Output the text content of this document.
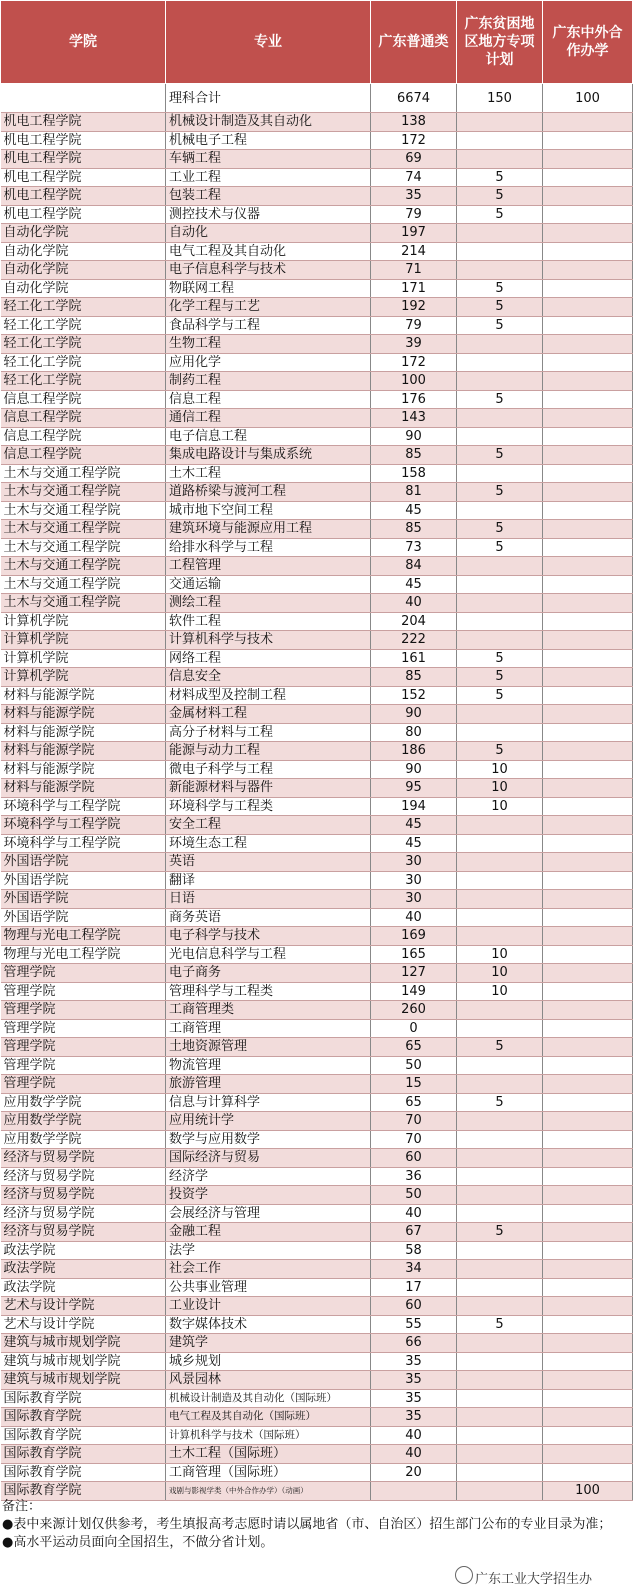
学院	专业	广东普通类	广东贫困地区地方专项计划	广东中外合作办学
	理科合计	6674	150	100
机电工程学院	机械设计制造及其自动化	138		
机电工程学院	机械电子工程	172		
机电工程学院	车辆工程	69		
机电工程学院	工业工程	74	5	
机电工程学院	包装工程	35	5	
机电工程学院	测控技术与仪器	79	5	
自动化学院	自动化	197		
自动化学院	电气工程及其自动化	214		
自动化学院	电子信息科学与技术	71		
自动化学院	物联网工程	171	5	
轻工化工学院	化学工程与工艺	192	5	
轻工化工学院	食品科学与工程	79	5	
轻工化工学院	生物工程	39		
轻工化工学院	应用化学	172		
轻工化工学院	制药工程	100		
信息工程学院	信息工程	176	5	
信息工程学院	通信工程	143		
信息工程学院	电子信息工程	90		
信息工程学院	集成电路设计与集成系统	85	5	
土木与交通工程学院	土木工程	158		
土木与交通工程学院	道路桥梁与渡河工程	81	5	
土木与交通工程学院	城市地下空间工程	45		
土木与交通工程学院	建筑环境与能源应用工程	85	5	
土木与交通工程学院	给排水科学与工程	73	5	
土木与交通工程学院	工程管理	84		
土木与交通工程学院	交通运输	45		
土木与交通工程学院	测绘工程	40		
计算机学院	软件工程	204		
计算机学院	计算机科学与技术	222		
计算机学院	网络工程	161	5	
计算机学院	信息安全	85	5	
材料与能源学院	材料成型及控制工程	152	5	
材料与能源学院	金属材料工程	90		
材料与能源学院	高分子材料与工程	80		
材料与能源学院	能源与动力工程	186	5	
材料与能源学院	微电子科学与工程	90	10	
材料与能源学院	新能源材料与器件	95	10	
环境科学与工程学院	环境科学与工程类	194	10	
环境科学与工程学院	安全工程	45		
环境科学与工程学院	环境生态工程	45		
外国语学院	英语	30		
外国语学院	翻译	30		
外国语学院	日语	30		
外国语学院	商务英语	40		
物理与光电工程学院	电子科学与技术	169		
物理与光电工程学院	光电信息科学与工程	165	10	
管理学院	电子商务	127	10	
管理学院	管理科学与工程类	149	10	
管理学院	工商管理类	260		
管理学院	工商管理	0		
管理学院	土地资源管理	65	5	
管理学院	物流管理	50		
管理学院	旅游管理	15		
应用数学学院	信息与计算科学	65	5	
应用数学学院	应用统计学	70		
应用数学学院	数学与应用数学	70		
经济与贸易学院	国际经济与贸易	60		
经济与贸易学院	经济学	36		
经济与贸易学院	投资学	50		
经济与贸易学院	会展经济与管理	40		
经济与贸易学院	金融工程	67	5	
政法学院	法学	58		
政法学院	社会工作	34		
政法学院	公共事业管理	17		
艺术与设计学院	工业设计	60		
艺术与设计学院	数字媒体技术	55	5	
建筑与城市规划学院	建筑学	66		
建筑与城市规划学院	城乡规划	35		
建筑与城市规划学院	风景园林	35		
国际教育学院	机械设计制造及其自动化（国际班）	35		
国际教育学院	电气工程及其自动化（国际班）	35		
国际教育学院	计算机科学与技术（国际班）	40		
国际教育学院	土木工程（国际班）	40		
国际教育学院	工商管理（国际班）	20		
国际教育学院	戏剧与影视学类（中外合作办学）（动画）			100

备注：

●表中来源计划仅供参考，考生填报高考志愿时请以属地省（市、自治区）招生部门公布的专业目录为准；

●高水平运动员面向全国招生，不做分省计划。

广东工业大学招生办
